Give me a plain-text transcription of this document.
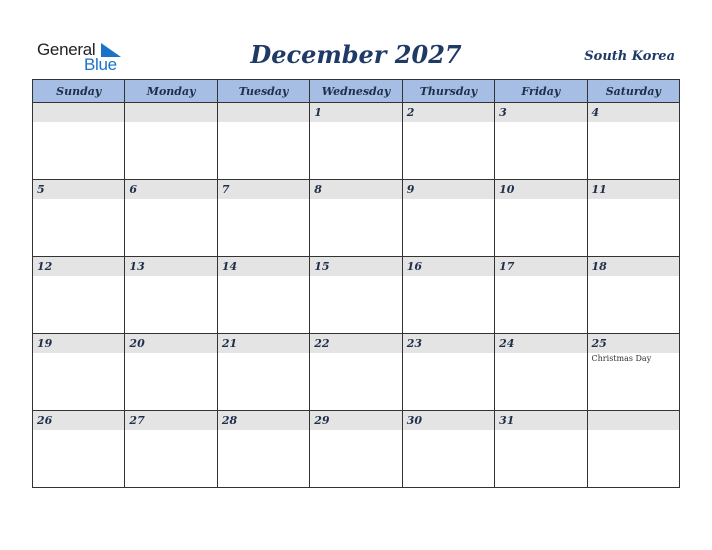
General
Blue	December 2027	South Korea
Sunday	Monday	Tuesday	Wednesday	Thursday	Friday	Saturday

			1	2	3	4

5	6	7	8	9	10	11

12	13	14	15	16	17	18

19	20	21	22	23	24	25
Christmas Day

26	27	28	29	30	31	
